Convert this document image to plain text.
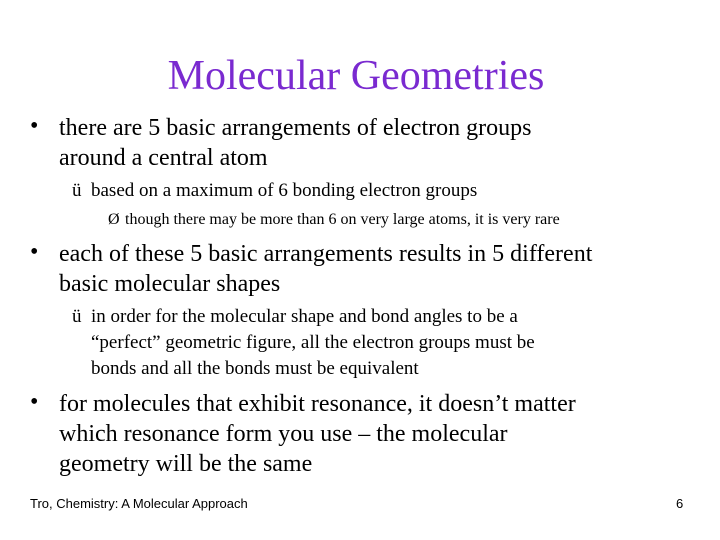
Molecular Geometries
• there are 5 basic arrangements of electron groups
around a central atom
ü based on a maximum of 6 bonding electron groups
Ø though there may be more than 6 on very large atoms, it is very rare
• each of these 5 basic arrangements results in 5 different
basic molecular shapes
ü in order for the molecular shape and bond angles to be a
“perfect” geometric figure, all the electron groups must be
bonds and all the bonds must be equivalent
• for molecules that exhibit resonance, it doesn’t matter
which resonance form you use – the molecular
geometry will be the same
Tro, Chemistry: A Molecular Approach	6
